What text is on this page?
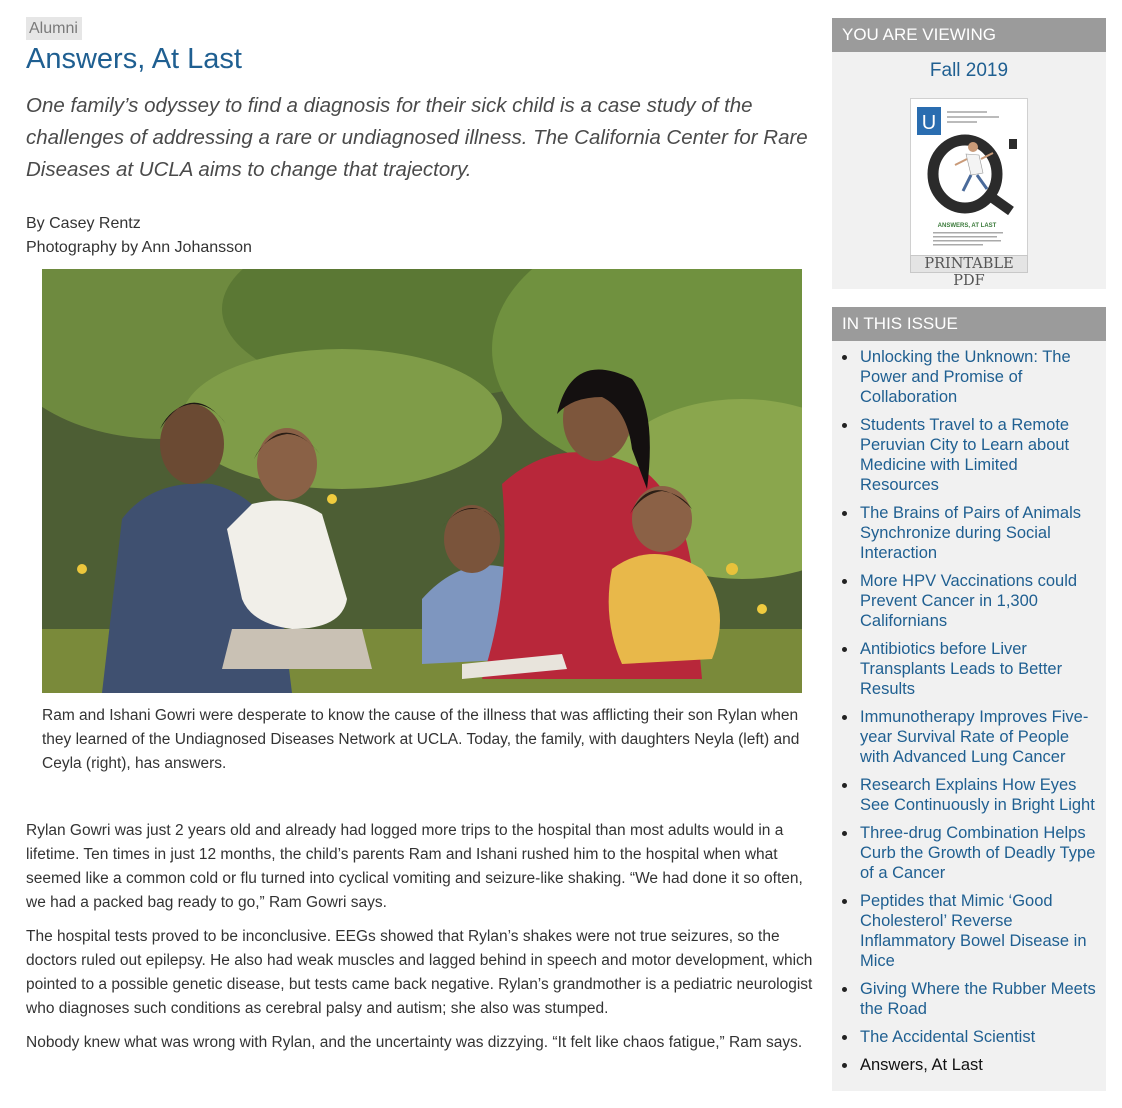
Alumni
Answers, At Last

One family’s odyssey to find a diagnosis for their sick child is a case study of the challenges of addressing a rare or undiagnosed illness. The California Center for Rare Diseases at UCLA aims to change that trajectory.

By Casey Rentz
Photography by Ann Johansson
Ram and Ishani Gowri were desperate to know the cause of the illness that was afflicting their son Rylan when they learned of the Undiagnosed Diseases Network at UCLA. Today, the family, with daughters Neyla (left) and Ceyla (right), has answers.

Rylan Gowri was just 2 years old and already had logged more trips to the hospital than most adults would in a lifetime. Ten times in just 12 months, the child’s parents Ram and Ishani rushed him to the hospital when what seemed like a common cold or flu turned into cyclical vomiting and seizure-like shaking. “We had done it so often, we had a packed bag ready to go,” Ram Gowri says.

The hospital tests proved to be inconclusive. EEGs showed that Rylan’s shakes were not true seizures, so the doctors ruled out epilepsy. He also had weak muscles and lagged behind in speech and motor development, which pointed to a possible genetic disease, but tests came back negative. Rylan’s grandmother is a pediatric neurologist who diagnoses such conditions as cerebral palsy and autism; she also was stumped.

Nobody knew what was wrong with Rylan, and the uncertainty was dizzying. “It felt like chaos fatigue,” Ram says.

YOU ARE VIEWING
Fall 2019
U
ANSWERS, AT LAST
PRINTABLE
PDF
IN THIS ISSUE
Unlocking the Unknown: The Power and Promise of Collaboration
Students Travel to a Remote Peruvian City to Learn about Medicine with Limited Resources
The Brains of Pairs of Animals Synchronize during Social Interaction
More HPV Vaccinations could Prevent Cancer in 1,300 Californians
Antibiotics before Liver Transplants Leads to Better Results
Immunotherapy Improves Five-year Survival Rate of People with Advanced Lung Cancer
Research Explains How Eyes See Continuously in Bright Light
Three-drug Combination Helps Curb the Growth of Deadly Type of a Cancer
Peptides that Mimic ‘Good Cholesterol’ Reverse Inflammatory Bowel Disease in Mice
Giving Where the Rubber Meets the Road
The Accidental Scientist
Answers, At Last
